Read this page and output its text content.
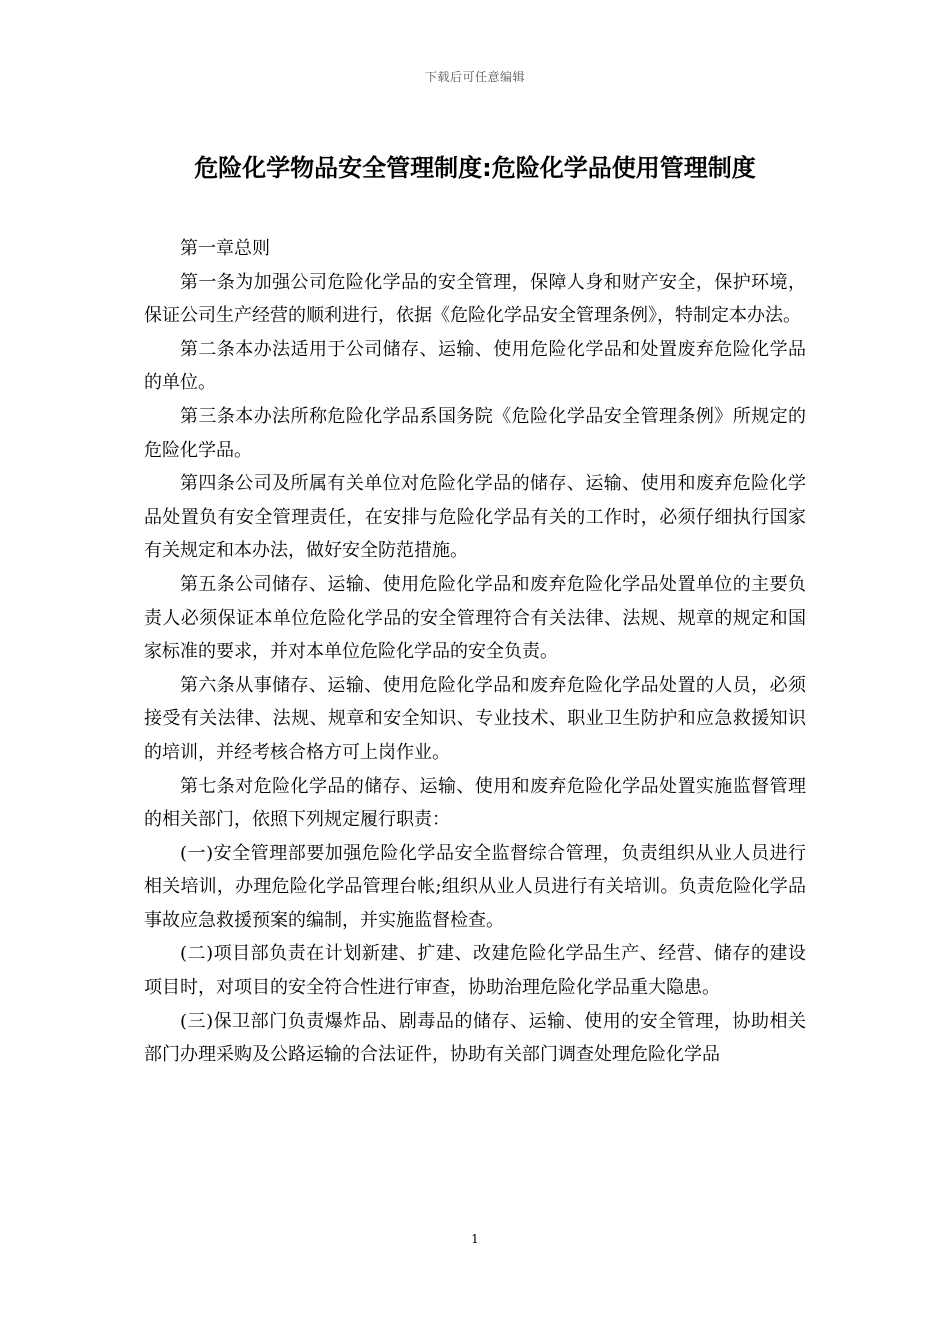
下载后可任意编辑
危险化学物品安全管理制度:危险化学品使用管理制度

第一章总则

第一条为加强公司危险化学品的安全管理，保障人身和财产安全，保护环境，保证公司生产经营的顺利进行，依据《危险化学品安全管理条例》，特制定本办法。

第二条本办法适用于公司储存、运输、使用危险化学品和处置废弃危险化学品的单位。

第三条本办法所称危险化学品系国务院《危险化学品安全管理条例》所规定的危险化学品。

第四条公司及所属有关单位对危险化学品的储存、运输、使用和废弃危险化学品处置负有安全管理责任，在安排与危险化学品有关的工作时，必须仔细执行国家有关规定和本办法，做好安全防范措施。

第五条公司储存、运输、使用危险化学品和废弃危险化学品处置单位的主要负责人必须保证本单位危险化学品的安全管理符合有关法律、法规、规章的规定和国家标准的要求，并对本单位危险化学品的安全负责。

第六条从事储存、运输、使用危险化学品和废弃危险化学品处置的人员，必须接受有关法律、法规、规章和安全知识、专业技术、职业卫生防护和应急救援知识的培训，并经考核合格方可上岗作业。

第七条对危险化学品的储存、运输、使用和废弃危险化学品处置实施监督管理的相关部门，依照下列规定履行职责：

(一)安全管理部要加强危险化学品安全监督综合管理，负责组织从业人员进行相关培训，办理危险化学品管理台帐;组织从业人员进行有关培训。负责危险化学品事故应急救援预案的编制，并实施监督检查。

(二)项目部负责在计划新建、扩建、改建危险化学品生产、经营、储存的建设项目时，对项目的安全符合性进行审查，协助治理危险化学品重大隐患。

(三)保卫部门负责爆炸品、剧毒品的储存、运输、使用的安全管理，协助相关部门办理采购及公路运输的合法证件，协助有关部门调查处理危险化学品

1
